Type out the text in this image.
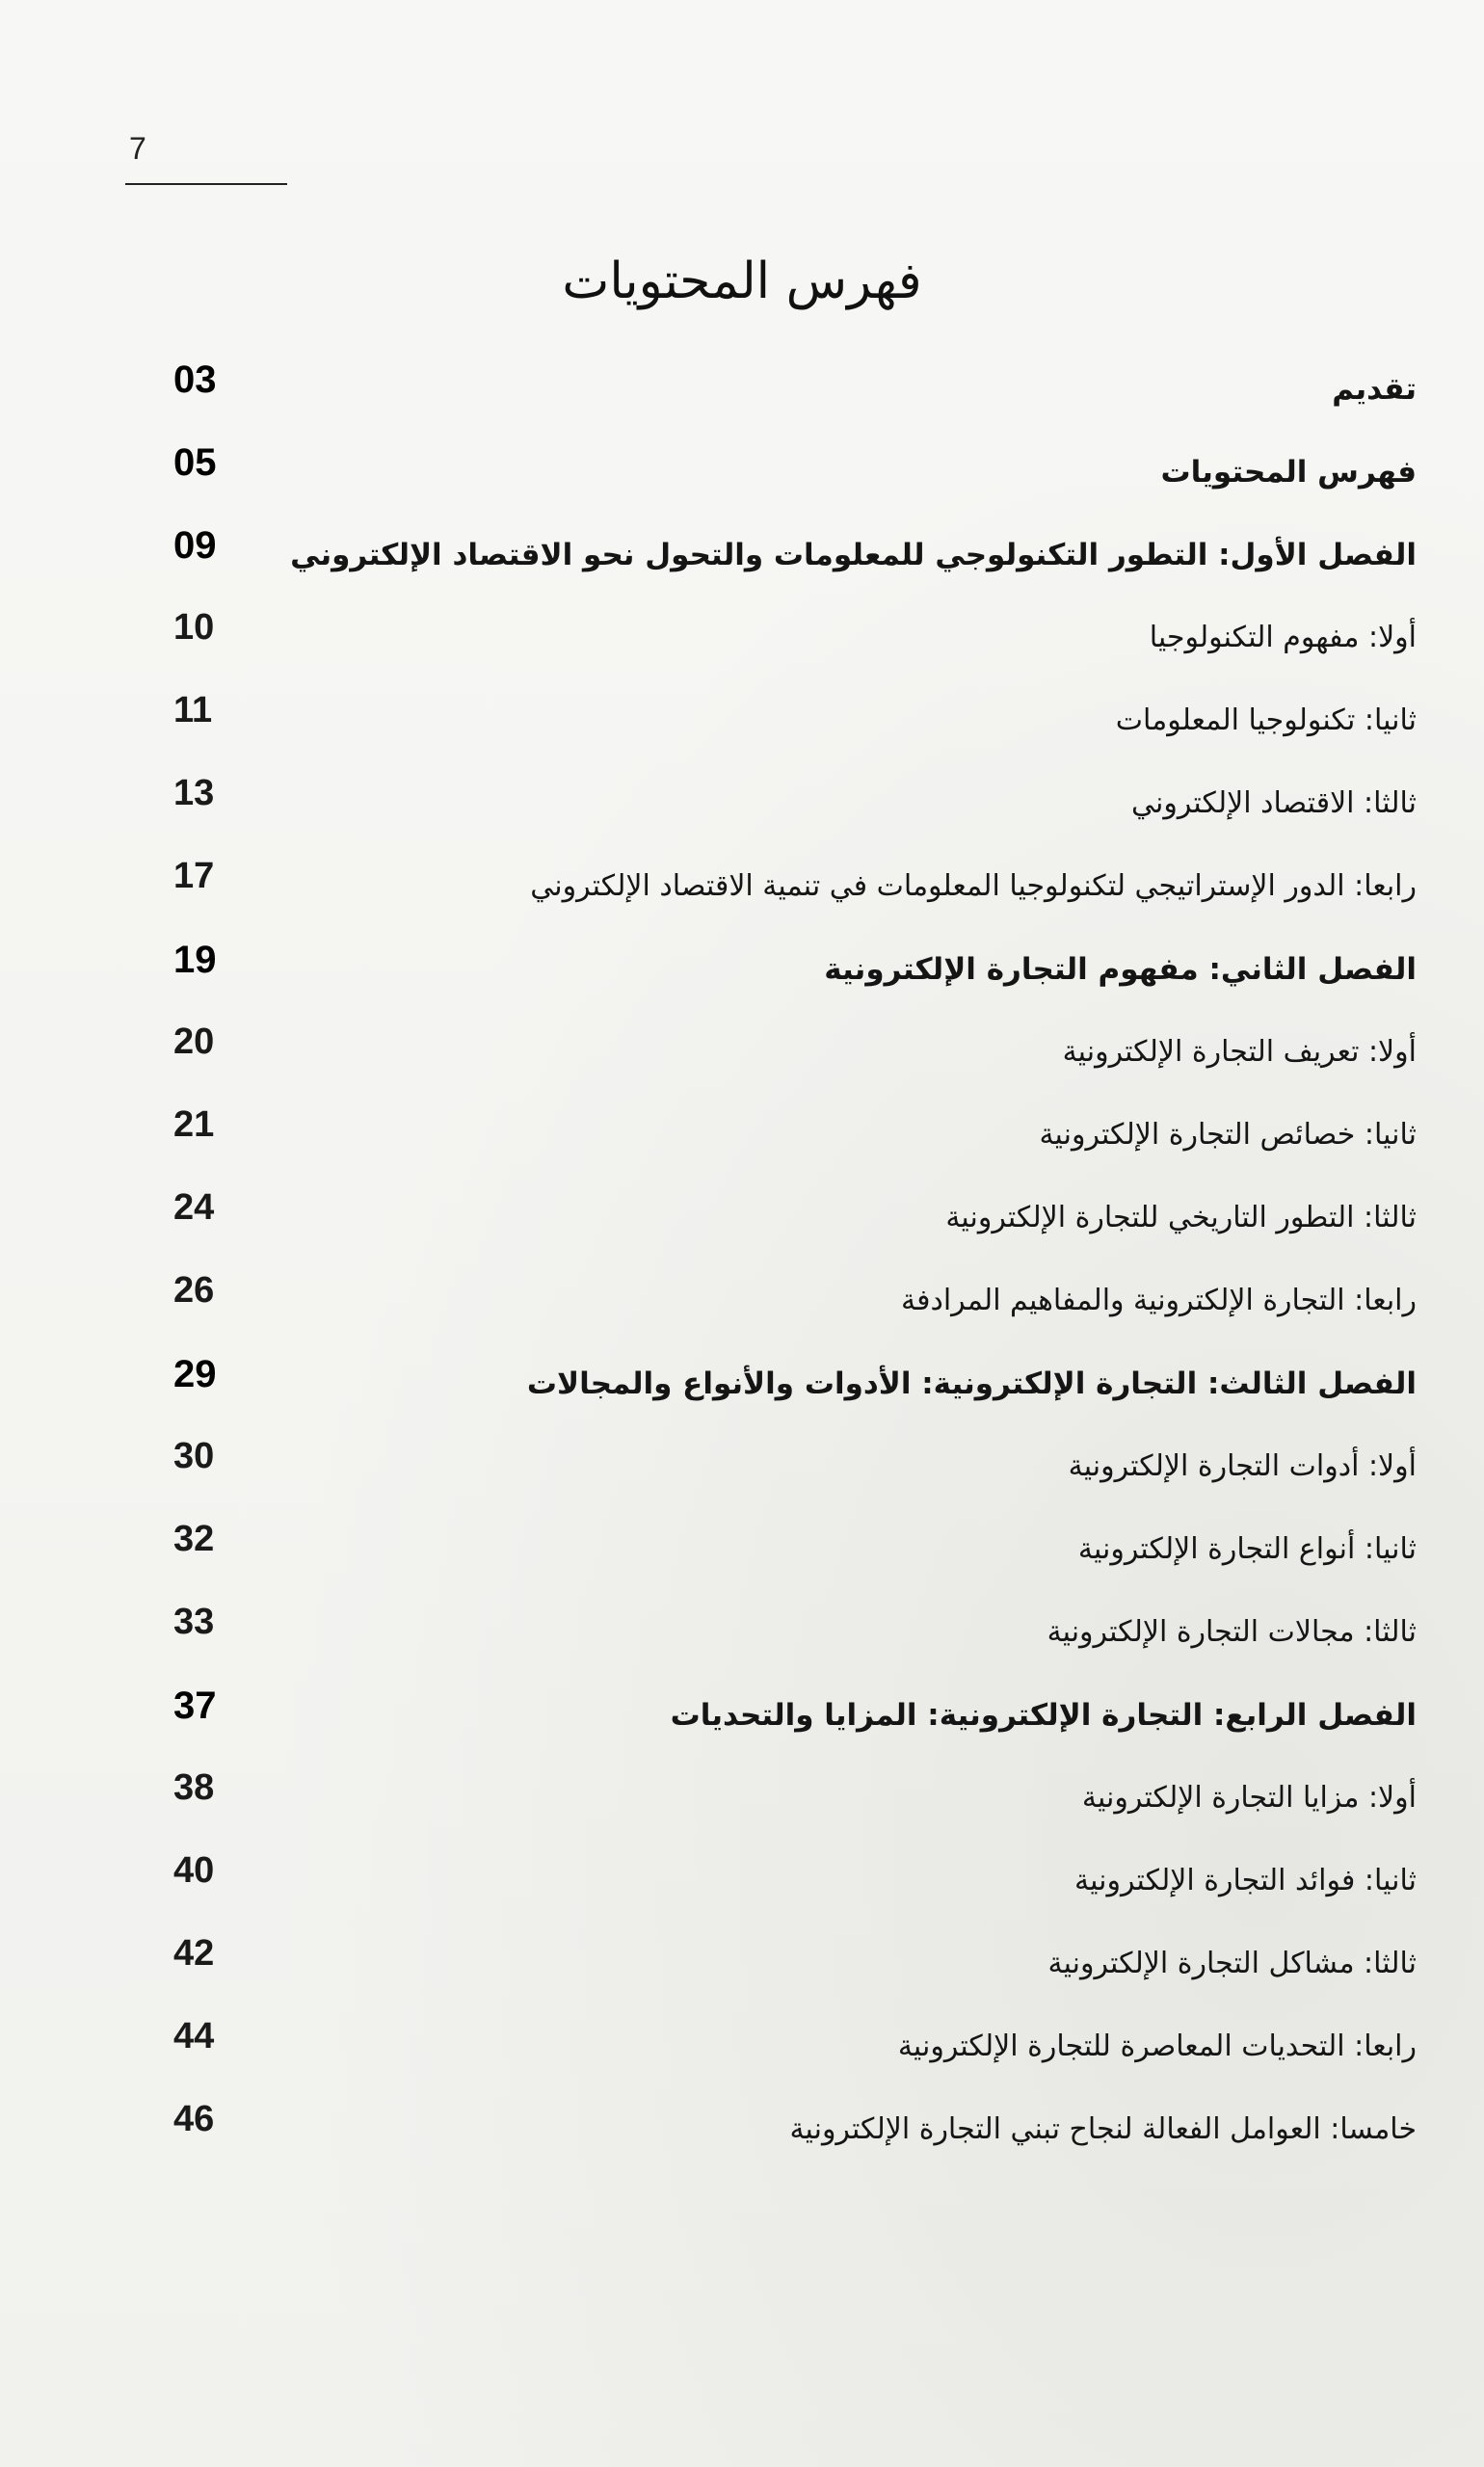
7
فهرس المحتويات
تقديم
03
فهرس المحتويات
05
الفصل الأول: التطور التكنولوجي للمعلومات والتحول نحو الاقتصاد الإلكتروني
09
أولا: مفهوم التكنولوجيا
10
ثانيا: تكنولوجيا المعلومات
11
ثالثا: الاقتصاد الإلكتروني
13
رابعا: الدور الإستراتيجي لتكنولوجيا المعلومات في تنمية الاقتصاد الإلكتروني
17
الفصل الثاني: مفهوم التجارة الإلكترونية
19
أولا: تعريف التجارة الإلكترونية
20
ثانيا: خصائص التجارة الإلكترونية
21
ثالثا: التطور التاريخي للتجارة الإلكترونية
24
رابعا: التجارة الإلكترونية والمفاهيم المرادفة
26
الفصل الثالث: التجارة الإلكترونية: الأدوات والأنواع والمجالات
29
أولا: أدوات التجارة الإلكترونية
30
ثانيا: أنواع التجارة الإلكترونية
32
ثالثا: مجالات التجارة الإلكترونية
33
الفصل الرابع: التجارة الإلكترونية: المزايا والتحديات
37
أولا: مزايا التجارة الإلكترونية
38
ثانيا: فوائد التجارة الإلكترونية
40
ثالثا: مشاكل التجارة الإلكترونية
42
رابعا: التحديات المعاصرة للتجارة الإلكترونية
44
خامسا: العوامل الفعالة لنجاح تبني التجارة الإلكترونية
46
